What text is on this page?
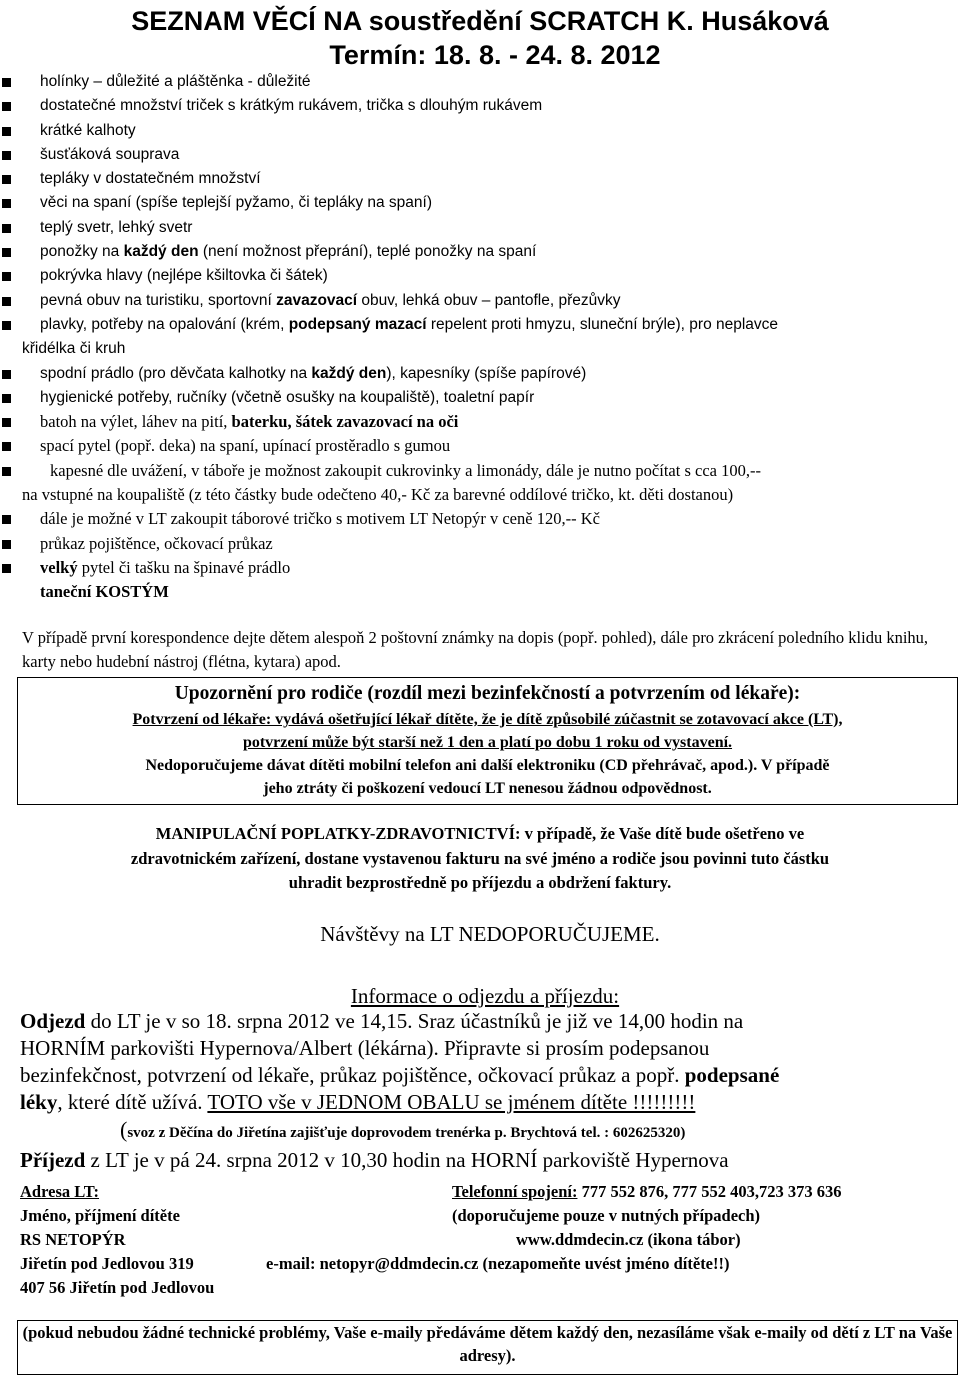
SEZNAM VĚCÍ NA soustředění SCRATCH K. Husáková
Termín: 18. 8. - 24. 8. 2012
holínky – důležité a pláštěnka - důležité
dostatečné množství triček s krátkým rukávem, trička s dlouhým rukávem
krátké kalhoty
šusťáková souprava
tepláky v dostatečném množství
věci na spaní (spíše teplejší pyžamo, či tepláky na spaní)
teplý svetr, lehký svetr
ponožky na každý den (není možnost přeprání), teplé ponožky na spaní
pokrývka hlavy (nejlépe kšiltovka či šátek)
pevná obuv na turistiku, sportovní zavazovací obuv, lehká obuv – pantofle, přezůvky
plavky, potřeby na opalování (krém, podepsaný mazací repelent proti hmyzu, sluneční brýle), pro neplavce
křidélka či kruh
spodní prádlo (pro děvčata kalhotky na každý den), kapesníky (spíše papírové)
hygienické potřeby, ručníky (včetně osušky na koupaliště), toaletní papír
batoh na výlet, láhev na pití, baterku, šátek zavazovací na oči
spací pytel (popř. deka) na spaní, upínací prostěradlo s gumou
kapesné dle uvážení, v táboře je možnost zakoupit cukrovinky a limonády, dále je nutno počítat s cca 100,--
na vstupné na koupaliště (z této částky bude odečteno 40,- Kč za barevné oddílové tričko, kt. děti dostanou)
dále je možné v LT zakoupit táborové tričko s motivem LT Netopýr v ceně 120,-- Kč
průkaz pojištěnce, očkovací průkaz
velký pytel či tašku na špinavé prádlo
taneční KOSTÝM
V případě první korespondence dejte dětem alespoň 2 poštovní známky na dopis (popř. pohled), dále pro zkrácení poledního klidu knihu, karty nebo hudební nástroj (flétna, kytara) apod.
Upozornění pro rodiče (rozdíl mezi bezinfekčností a potvrzením od lékaře):
Potvrzení od lékaře: vydává ošetřující lékař dítěte, že je dítě způsobilé zúčastnit se zotavovací akce (LT),
potvrzení může být starší než 1 den a platí po dobu 1 roku od vystavení.
Nedoporučujeme dávat dítěti mobilní telefon ani další elektroniku (CD přehrávač, apod.). V případě
jeho ztráty či poškození vedoucí LT nenesou žádnou odpovědnost.
MANIPULAČNÍ POPLATKY-ZDRAVOTNICTVÍ: v případě, že Vaše dítě bude ošetřeno ve
zdravotnickém zařízení, dostane vystavenou fakturu na své jméno a rodiče jsou povinni tuto částku
uhradit bezprostředně po příjezdu a obdržení faktury.
Návštěvy na LT NEDOPORUČUJEME.
Informace o odjezdu a příjezdu:
Odjezd do LT je v so 18. srpna 2012 ve 14,15. Sraz účastníků je již ve 14,00 hodin na
HORNÍM parkovišti Hypernova/Albert (lékárna). Připravte si prosím podepsanou
bezinfekčnost, potvrzení od lékaře, průkaz pojištěnce, očkovací průkaz a popř. podepsané
léky, které dítě užívá. TOTO vše v JEDNOM OBALU se jménem dítěte !!!!!!!!!
(svoz z Děčína do Jiřetína zajišťuje doprovodem trenérka p. Brychtová tel. : 602625320)
Příjezd z LT je v pá 24. srpna 2012 v 10,30 hodin na HORNÍ parkoviště Hypernova
Adresa LT:	Telefonní spojení: 777 552 876, 777 552 403,723 373 636
Jméno, příjmení dítěte	(doporučujeme pouze v nutných případech)
RS NETOPÝR	www.ddmdecin.cz (ikona tábor)
Jiřetín pod Jedlovou 319	e-mail: netopyr@ddmdecin.cz (nezapomeňte uvést jméno dítěte!!)
407 56 Jiřetín pod Jedlovou
(pokud nebudou žádné technické problémy, Vaše e-maily předáváme dětem každý den, nezasíláme však e-maily od dětí z LT na Vaše adresy).
